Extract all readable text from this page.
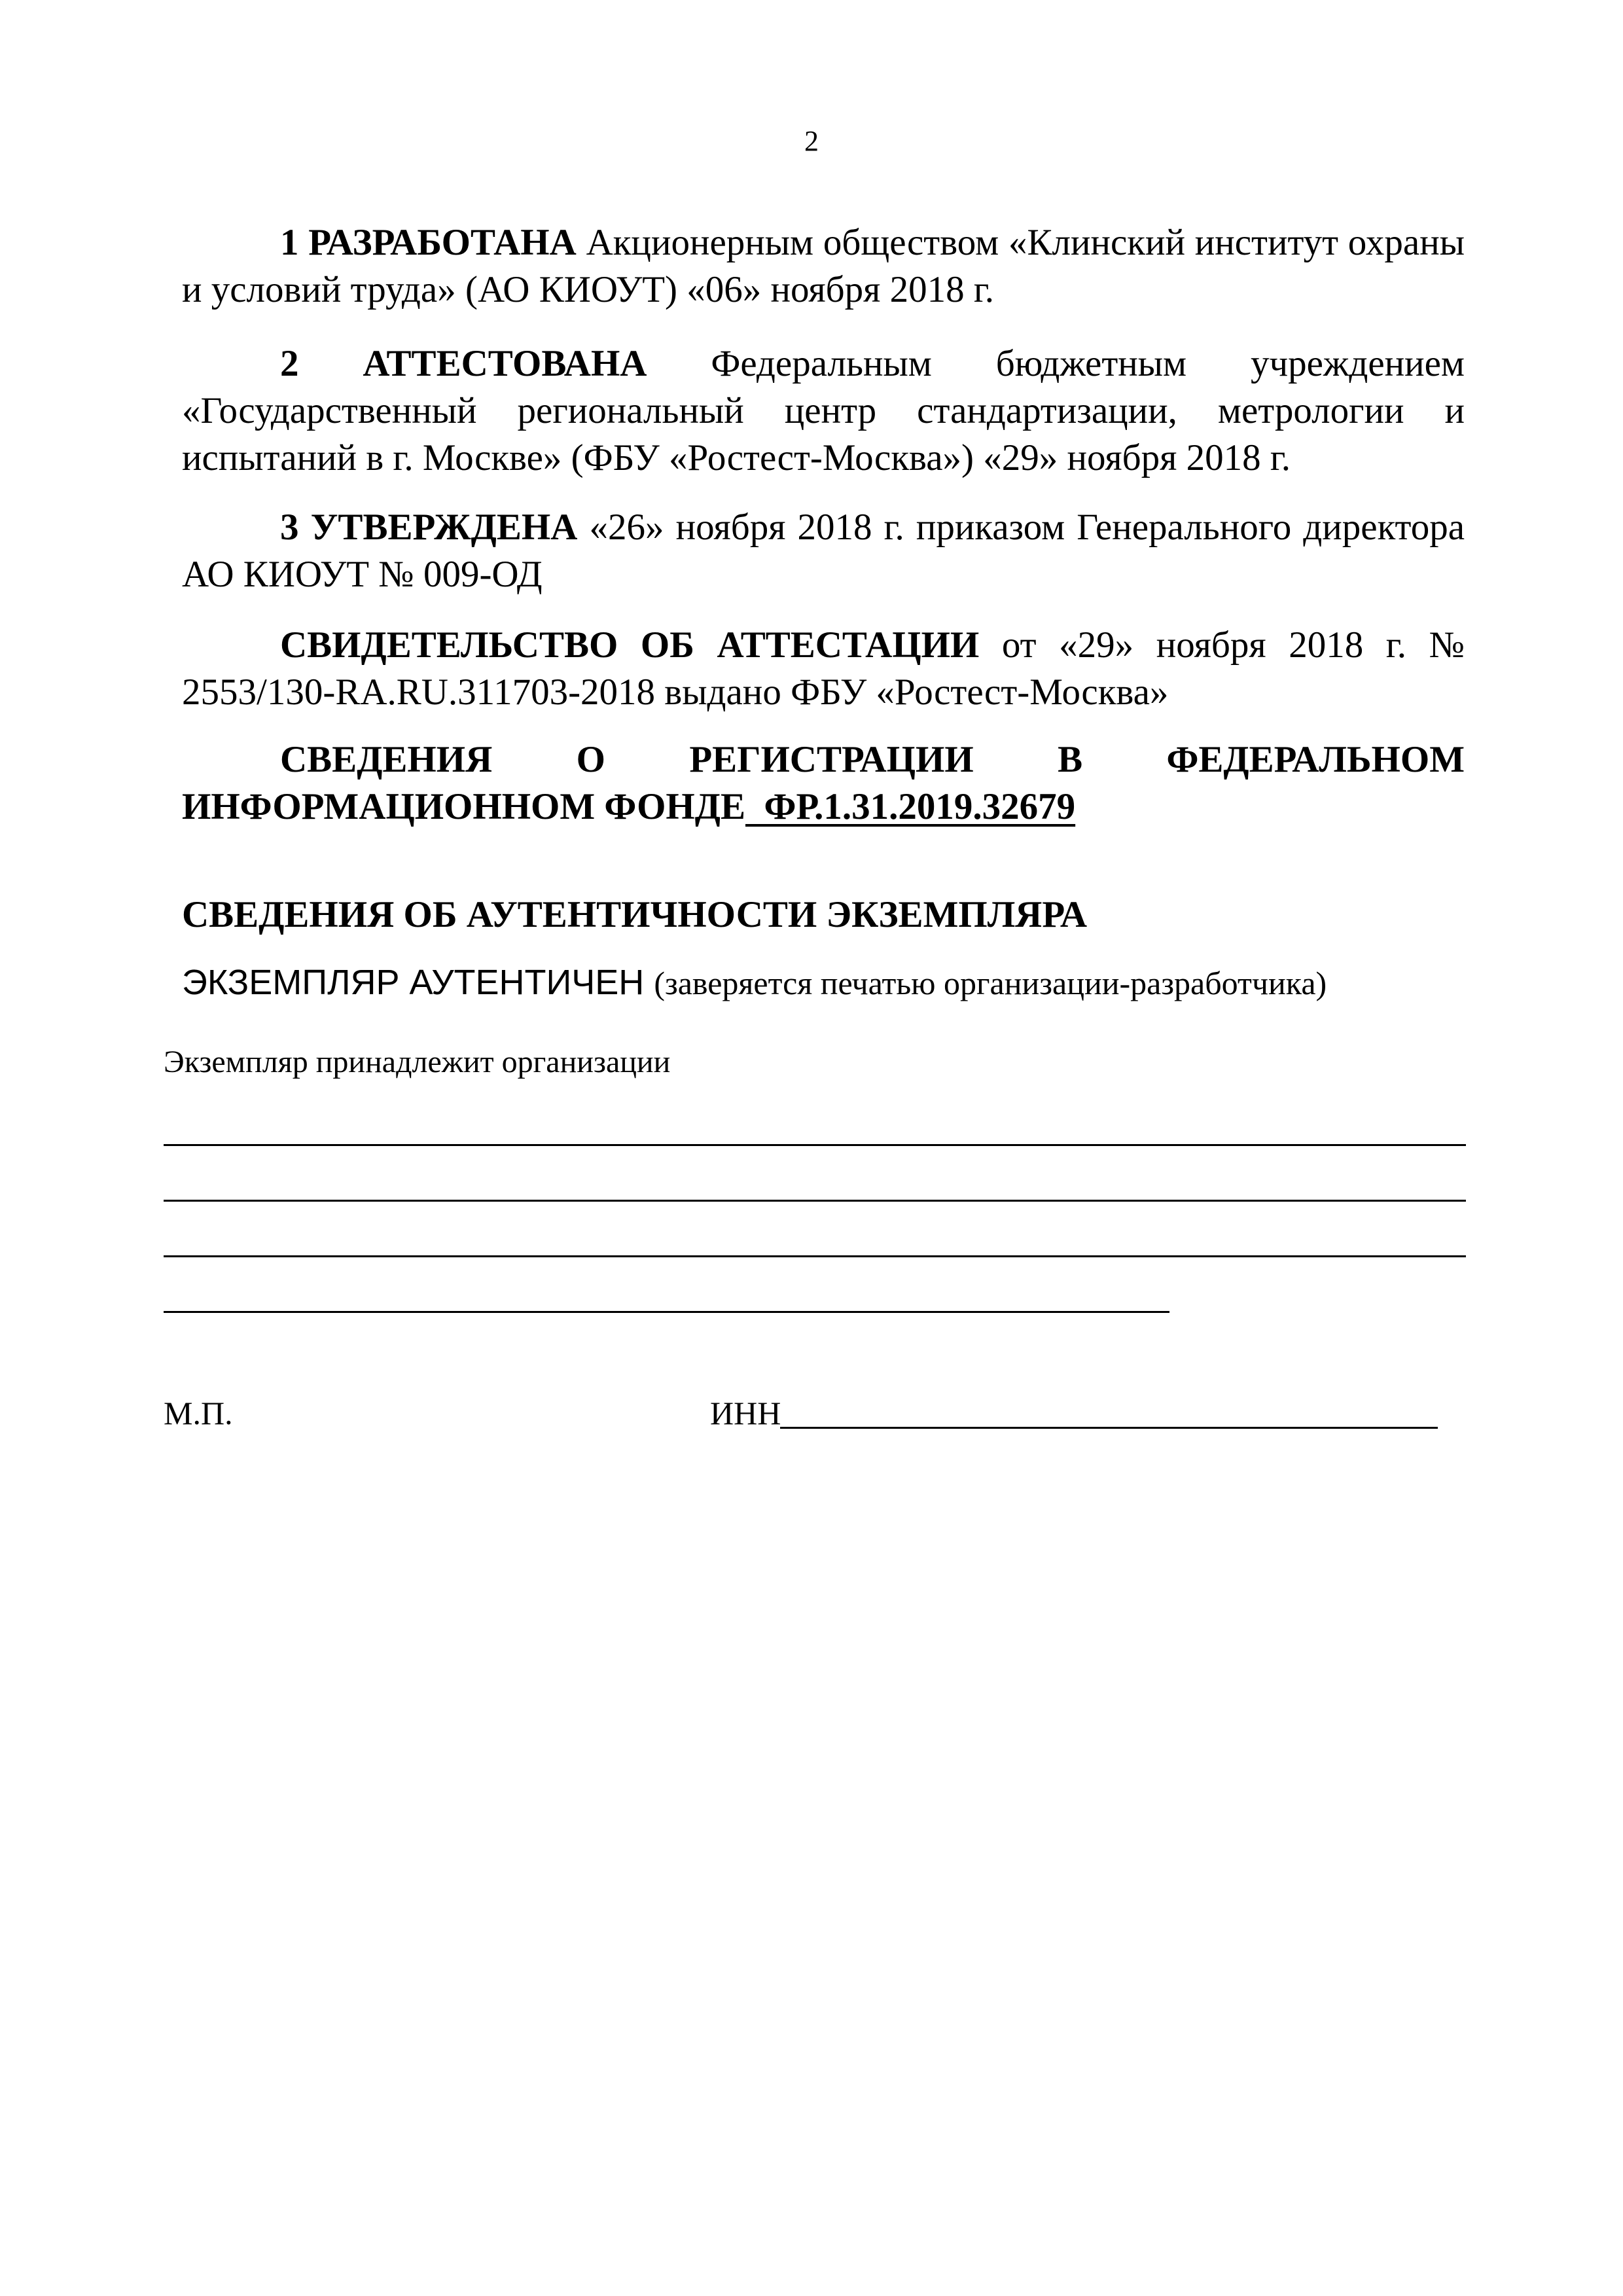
2
1 РАЗРАБОТАНА Акционерным обществом «Клинский институт охраны и условий труда» (АО КИОУТ) «06» ноября 2018 г.
2 АТТЕСТОВАНА Федеральным бюджетным учреждением «Государственный региональный центр стандартизации, метрологии и испытаний в г. Москве» (ФБУ «Ростест-Москва») «29» ноября 2018 г.
3 УТВЕРЖДЕНА «26» ноября 2018 г. приказом Генерального директора АО КИОУТ № 009-ОД
СВИДЕТЕЛЬСТВО ОБ АТТЕСТАЦИИ от «29» ноября 2018 г. № 2553/130-RA.RU.311703-2018 выдано ФБУ «Ростест-Москва»
СВЕДЕНИЯ О РЕГИСТРАЦИИ В ФЕДЕРАЛЬНОМ
ИНФОРМАЦИОННОМ ФОНДЕ  ФР.1.31.2019.32679
СВЕДЕНИЯ ОБ АУТЕНТИЧНОСТИ ЭКЗЕМПЛЯРА
ЭКЗЕМПЛЯР АУТЕНТИЧЕН (заверяется печатью организации-разработчика)
Экземпляр принадлежит организации
М.П.	ИНН
